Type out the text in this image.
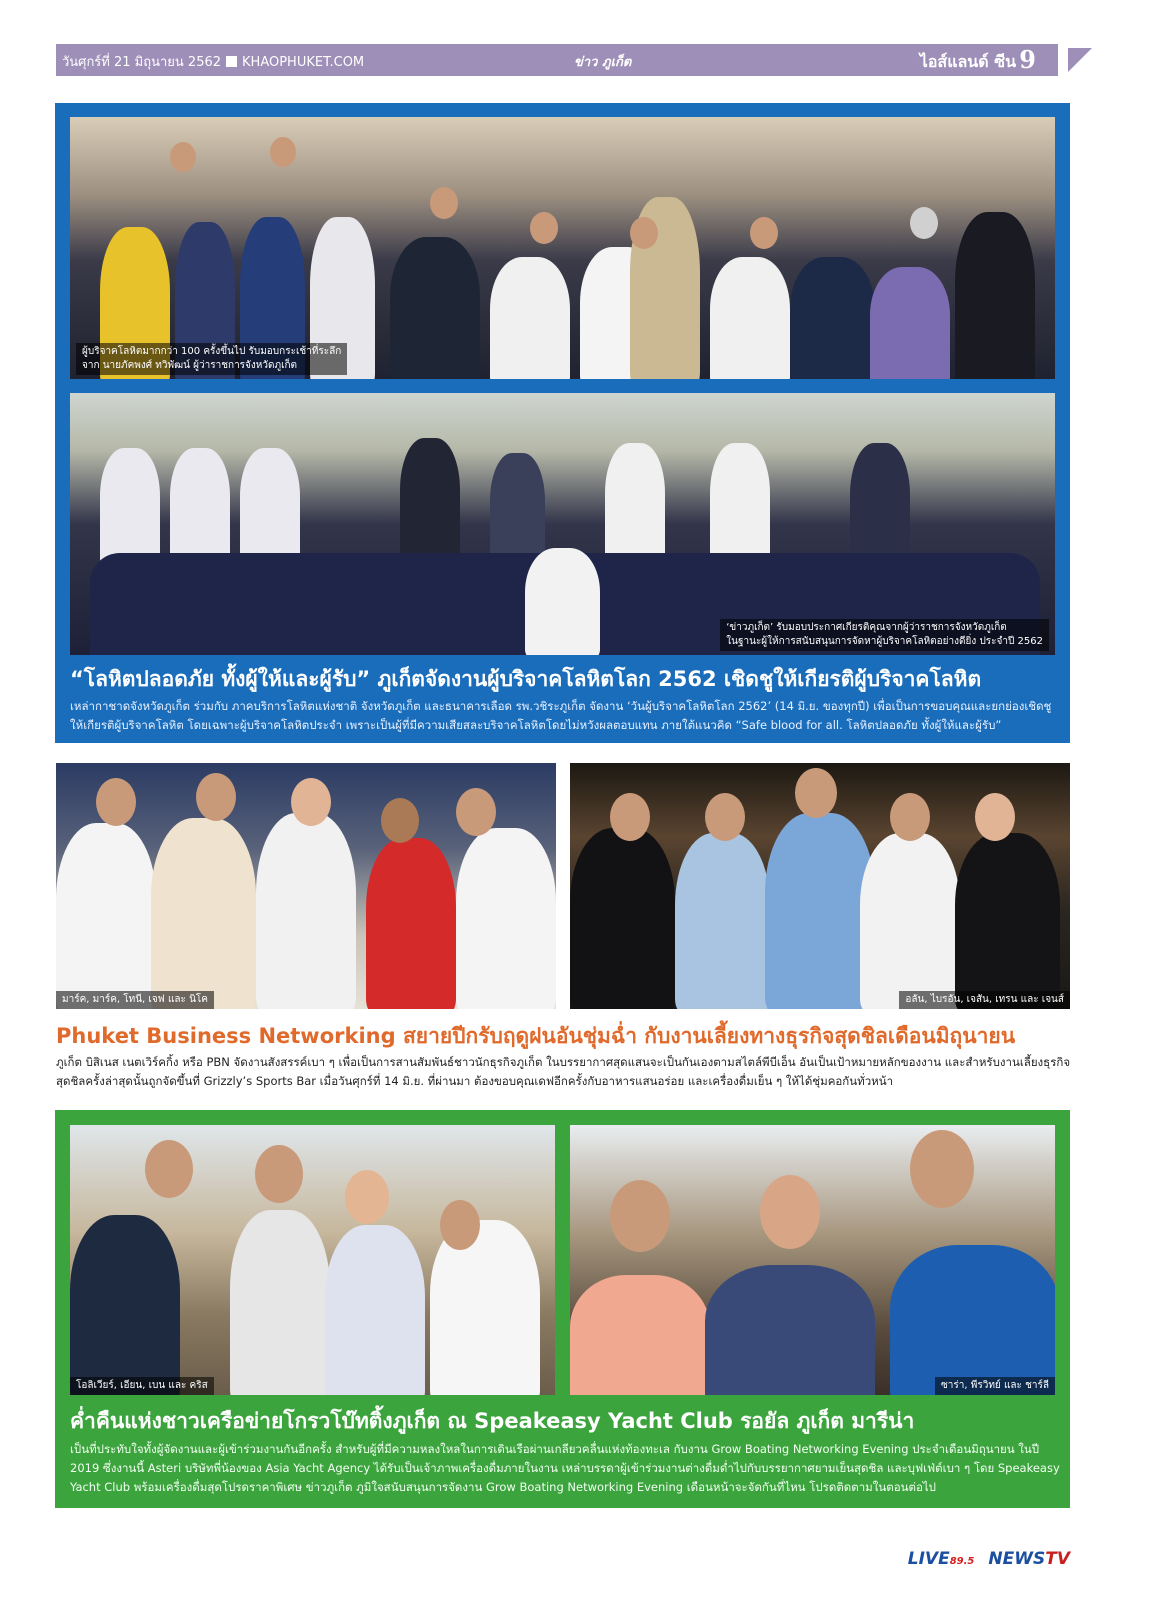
วันศุกร์ที่ 21 มิถุนายน 2562 KHAOPHUKET.COM	ข่าว ภูเก็ต	ไอส์แลนด์ ซีน 9
ผู้บริจาคโลหิตมากกว่า 100 ครั้งขึ้นไป รับมอบกระเช้าที่ระลึก
จาก นายภัคพงศ์ ทวิพัฒน์ ผู้ว่าราชการจังหวัดภูเก็ต
‘ข่าวภูเก็ต’ รับมอบประกาศเกียรติคุณจากผู้ว่าราชการจังหวัดภูเก็ต
ในฐานะผู้ให้การสนับสนุนการจัดหาผู้บริจาคโลหิตอย่างดียิ่ง ประจำปี 2562
“โลหิตปลอดภัย ทั้งผู้ให้และผู้รับ” ภูเก็ตจัดงานผู้บริจาคโลหิตโลก 2562 เชิดชูให้เกียรติผู้บริจาคโลหิต
เหล่ากาชาดจังหวัดภูเก็ต ร่วมกับ ภาคบริการโลหิตแห่งชาติ จังหวัดภูเก็ต และธนาคารเลือด รพ.วชิระภูเก็ต จัดงาน ‘วันผู้บริจาคโลหิตโลก 2562’ (14 มิ.ย. ของทุกปี) เพื่อเป็นการขอบคุณและยกย่องเชิดชูให้เกียรติผู้บริจาคโลหิต โดยเฉพาะผู้บริจาคโลหิตประจำ เพราะเป็นผู้ที่มีความเสียสละบริจาคโลหิตโดยไม่หวังผลตอบแทน ภายใต้แนวคิด “Safe blood for all. โลหิตปลอดภัย ทั้งผู้ให้และผู้รับ”
มาร์ค, มาร์ค, โทนี, เจฟ และ นิโค	อลัน, ไบรอัน, เจสัน, เทรน และ เจนส์
Phuket Business Networking สยายปีกรับฤดูฝนอันชุ่มฉ่ำ กับงานเลี้ยงทางธุรกิจสุดชิลเดือนมิถุนายน
ภูเก็ต บิสิเนส เนตเวิร์คกิ้ง หรือ PBN จัดงานสังสรรค์เบา ๆ เพื่อเป็นการสานสัมพันธ์ชาวนักธุรกิจภูเก็ต ในบรรยากาศสุดแสนจะเป็นกันเองตามสไตล์พีบีเอ็น อันเป็นเป้าหมายหลักของงาน และสำหรับงานเลี้ยงธุรกิจสุดชิลครั้งล่าสุดนั้นถูกจัดขึ้นที่ Grizzly’s Sports Bar เมื่อวันศุกร์ที่ 14 มิ.ย. ที่ผ่านมา ต้องขอบคุณเดฟอีกครั้งกับอาหารแสนอร่อย และเครื่องดื่มเย็น ๆ ให้ได้ชุ่มคอกันทั่วหน้า
โอลิเวียร์, เอียน, เบน และ คริส	ซาร่า, พีรวิทย์ และ ชาร์ลี
ค่ำคืนแห่งชาวเครือข่ายโกรวโบ๊ทติ้งภูเก็ต ณ Speakeasy Yacht Club รอยัล ภูเก็ต มารีน่า
เป็นที่ประทับใจทั้งผู้จัดงานและผู้เข้าร่วมงานกันอีกครั้ง สำหรับผู้ที่มีความหลงใหลในการเดินเรือผ่านเกลียวคลื่นแห่งท้องทะเล กับงาน Grow Boating Networking Evening ประจำเดือนมิถุนายน ในปี 2019 ซึ่งงานนี้ Asteri บริษัทพี่น้องของ Asia Yacht Agency ได้รับเป็นเจ้าภาพเครื่องดื่มภายในงาน เหล่าบรรดาผู้เข้าร่วมงานต่างดื่มด่ำไปกับบรรยากาศยามเย็นสุดชิล และบุฟเฟ่ต์เบา ๆ โดย Speakeasy Yacht Club พร้อมเครื่องดื่มสุดโปรดราคาพิเศษ ข่าวภูเก็ต ภูมิใจสนับสนุนการจัดงาน Grow Boating Networking Evening เดือนหน้าจะจัดกันที่ไหน โปรดติดตามในตอนต่อไป
LIVE89.5 NEWSTV
